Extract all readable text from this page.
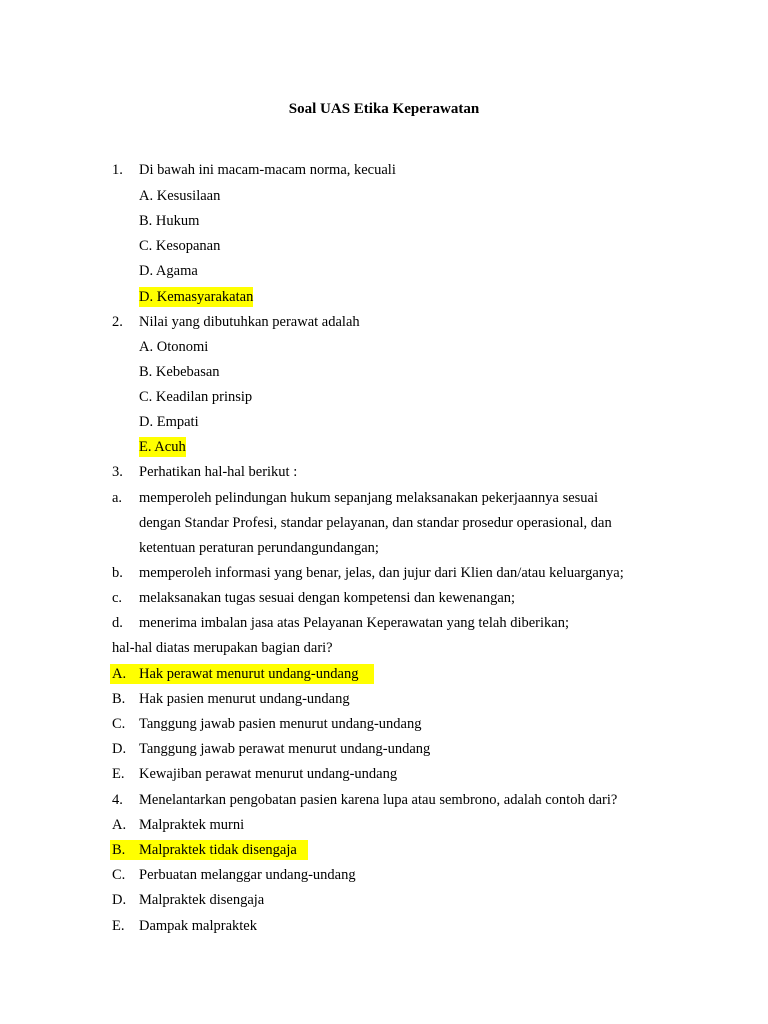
Soal UAS Etika Keperawatan
1. Di bawah ini macam-macam norma, kecuali
A. Kesusilaan
B. Hukum
C. Kesopanan
D. Agama
D. Kemasyarakatan
2. Nilai yang dibutuhkan perawat adalah
A. Otonomi
B. Kebebasan
C. Keadilan prinsip
D. Empati
E. Acuh
3. Perhatikan hal-hal berikut :
a. memperoleh pelindungan hukum sepanjang melaksanakan pekerjaannya sesuai
dengan Standar Profesi, standar pelayanan, dan standar prosedur operasional, dan
ketentuan peraturan perundangundangan;
b. memperoleh informasi yang benar, jelas, dan jujur dari Klien dan/atau keluarganya;
c. melaksanakan tugas sesuai dengan kompetensi dan kewenangan;
d. menerima imbalan jasa atas Pelayanan Keperawatan yang telah diberikan;
hal-hal diatas merupakan bagian dari?
A. Hak perawat menurut undang-undang
B. Hak pasien menurut undang-undang
C. Tanggung jawab pasien menurut undang-undang
D. Tanggung jawab perawat menurut undang-undang
E. Kewajiban perawat menurut undang-undang
4. Menelantarkan pengobatan pasien karena lupa atau sembrono, adalah contoh dari?
A. Malpraktek murni
B. Malpraktek tidak disengaja
C. Perbuatan melanggar undang-undang
D. Malpraktek disengaja
E. Dampak malpraktek
